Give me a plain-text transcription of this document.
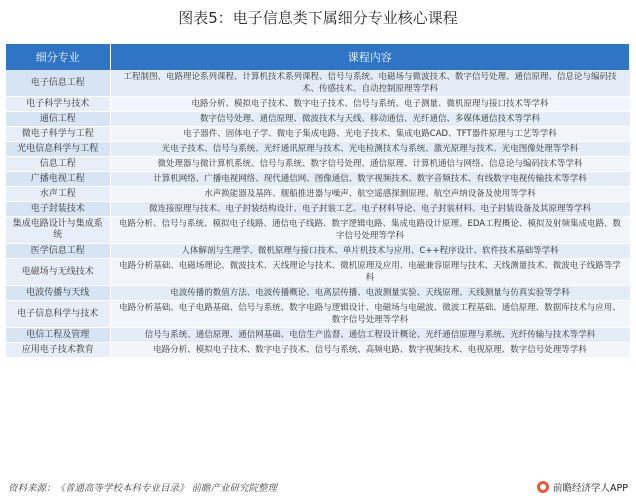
图表5：电子信息类下属细分专业核心课程
细分专业	课程内容
电子信息工程	工程制图、电路理论系列课程、计算机技术系列课程、信号与系统、电磁场与微波技术、数字信号处理、通信原理、信息论与编码技术、传感技术、自动控制原理等学科
电子科学与技术	电路分析、模拟电子技术、数字电子技术、信号与系统、电子测量、微机原理与接口技术等学科
通信工程	数字信号处理、通信原理、微波技术与天线、移动通信、光纤通信、多媒体通信技术等学科
微电子科学与工程	电子器件、固体电子学、微电子集成电路、光电子技术、集成电路CAD、TFT器件原理与工艺等学科
光电信息科学与工程	光电子技术、信号与系统、光纤通讯原理与技术、光电检测技术与系统、激光原理与技术、光电图像处理等学科
信息工程	微处理器与微计算机系统、信号与系统、数字信号处理、通信原理、计算机通信与网络、信息论与编码技术等学科
广播电视工程	计算机网络、广播电视网络、现代通信网、图像通信、数字视频技术、数字音频技术、有线数字电视传输技术等学科
水声工程	水声换能器及基阵、舰船推进器与噪声、航空遥感探测原理、航空声纳设备及使用等学科
电子封装技术	微连接原理与技术、电子封装结构设计、电子封装工艺、电子材料导论、电子封装材料、电子封装设备及其原理等学科
集成电路设计与集成系统	电路分析、信号与系统、模拟电子线路、通信电子线路、数字逻辑电路、集成电路设计原理、EDA工程概论、模拟及射频集成电路、数字信号处理等学科
医学信息工程	人体解剖与生理学、微机原理与接口技术、单片机技术与应用、C++程序设计、软件技术基础等学科
电磁场与无线技术	电路分析基础、电磁场理论、微波技术、天线理论与技术、微机原理及应用、电磁兼容原理与技术、天线测量技术、微波电子线路等学科
电波传播与天线	电波传播的数值方法、电波传播概论、电离层传播、电波测量实验、天线原理、天线测量与仿真实验等学科
电子信息科学与技术	电路分析基础、电子电路基础、信号与系统、数字电路与逻辑设计、电磁场与电磁波、微波工程基础、通信原理、数据库技术与应用、数字信号处理等学科
电信工程及管理	信号与系统、通信原理、通信网基础、电信生产监督、通信工程设计概论、光纤通信原理与系统、光纤传输与技术等学科
应用电子技术教育	电路分析、模拟电子技术、数字电子技术、信号与系统、高频电路、数字视频技术、电视原理、数字信号处理等学科
资料来源：《普通高等学校本科专业目录》 前瞻产业研究院整理	前瞻经济学人APP
